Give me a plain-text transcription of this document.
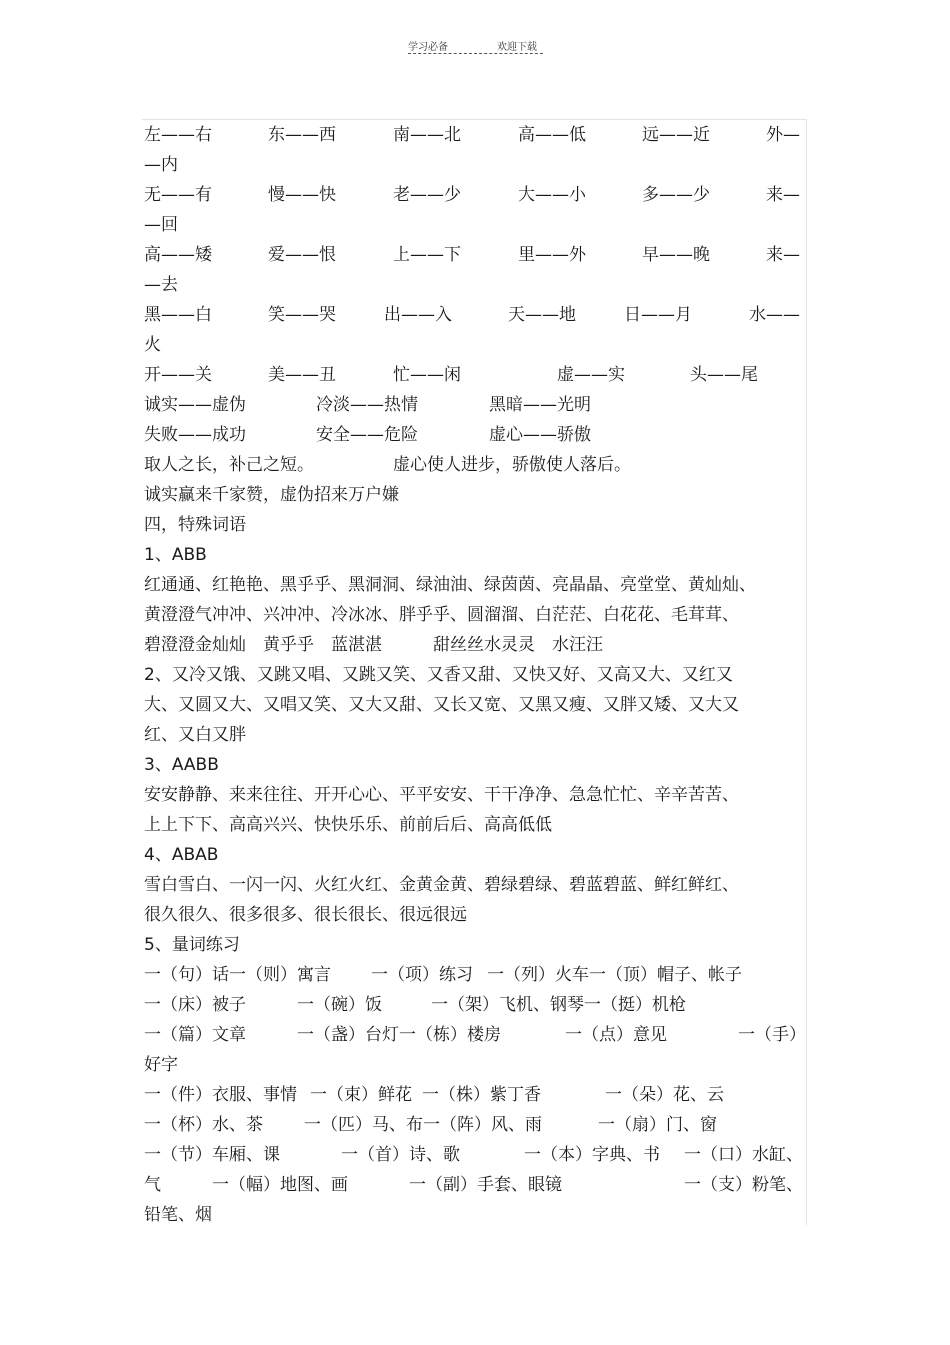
学习必备	欢迎下载
左——右	东——西	南——北	高——低	远——近	外—
—内
无——有	慢——快	老——少	大——小	多——少	来—
—回
高——矮	爱——恨	上——下	里——外	早——晚	来—
—去
黑——白	笑——哭	出——入	天——地	日——月	水——
火
开——关	美——丑	忙——闲	虚——实	头——尾
诚实——虚伪	冷淡——热情	黑暗——光明
失败——成功	安全——危险	虚心——骄傲
取人之长，补己之短。	虚心使人进步，骄傲使人落后。
诚实赢来千家赞，虚伪招来万户嫌
四，特殊词语
1、ABB
红通通、红艳艳、黑乎乎、黑洞洞、绿油油、绿茵茵、亮晶晶、亮堂堂、黄灿灿、
黄澄澄气冲冲、兴冲冲、冷冰冰、胖乎乎、圆溜溜、白茫茫、白花花、毛茸茸、
碧澄澄金灿灿　黄乎乎　蓝湛湛　　　甜丝丝水灵灵　水汪汪
2、又冷又饿、又跳又唱、又跳又笑、又香又甜、又快又好、又高又大、又红又
大、又圆又大、又唱又笑、又大又甜、又长又宽、又黑又瘦、又胖又矮、又大又
红、又白又胖
3、AABB
安安静静、来来往往、开开心心、平平安安、干干净净、急急忙忙、辛辛苦苦、
上上下下、高高兴兴、快快乐乐、前前后后、高高低低
4、ABAB
雪白雪白、一闪一闪、火红火红、金黄金黄、碧绿碧绿、碧蓝碧蓝、鲜红鲜红、
很久很久、很多很多、很长很长、很远很远
5、量词练习
一（句）话一（则）寓言 一（项）练习 一（列）火车一（顶）帽子、帐子
一（床）被子	一（碗）饭	一（架）飞机、钢琴一（挺）机枪
一（篇）文章	一（盏）台灯一（栋）楼房	一（点）意见	一（手）
好字
一（件）衣服、事情 一（束）鲜花 一（株）紫丁香	一（朵）花、云
一（杯）水、茶 一（匹）马、布一（阵）风、雨	一（扇）门、窗
一（节）车厢、课	一（首）诗、歌	一（本）字典、书 一（口）水缸、
气	一（幅）地图、画	一（副）手套、眼镜	一（支）粉笔、
铅笔、烟
